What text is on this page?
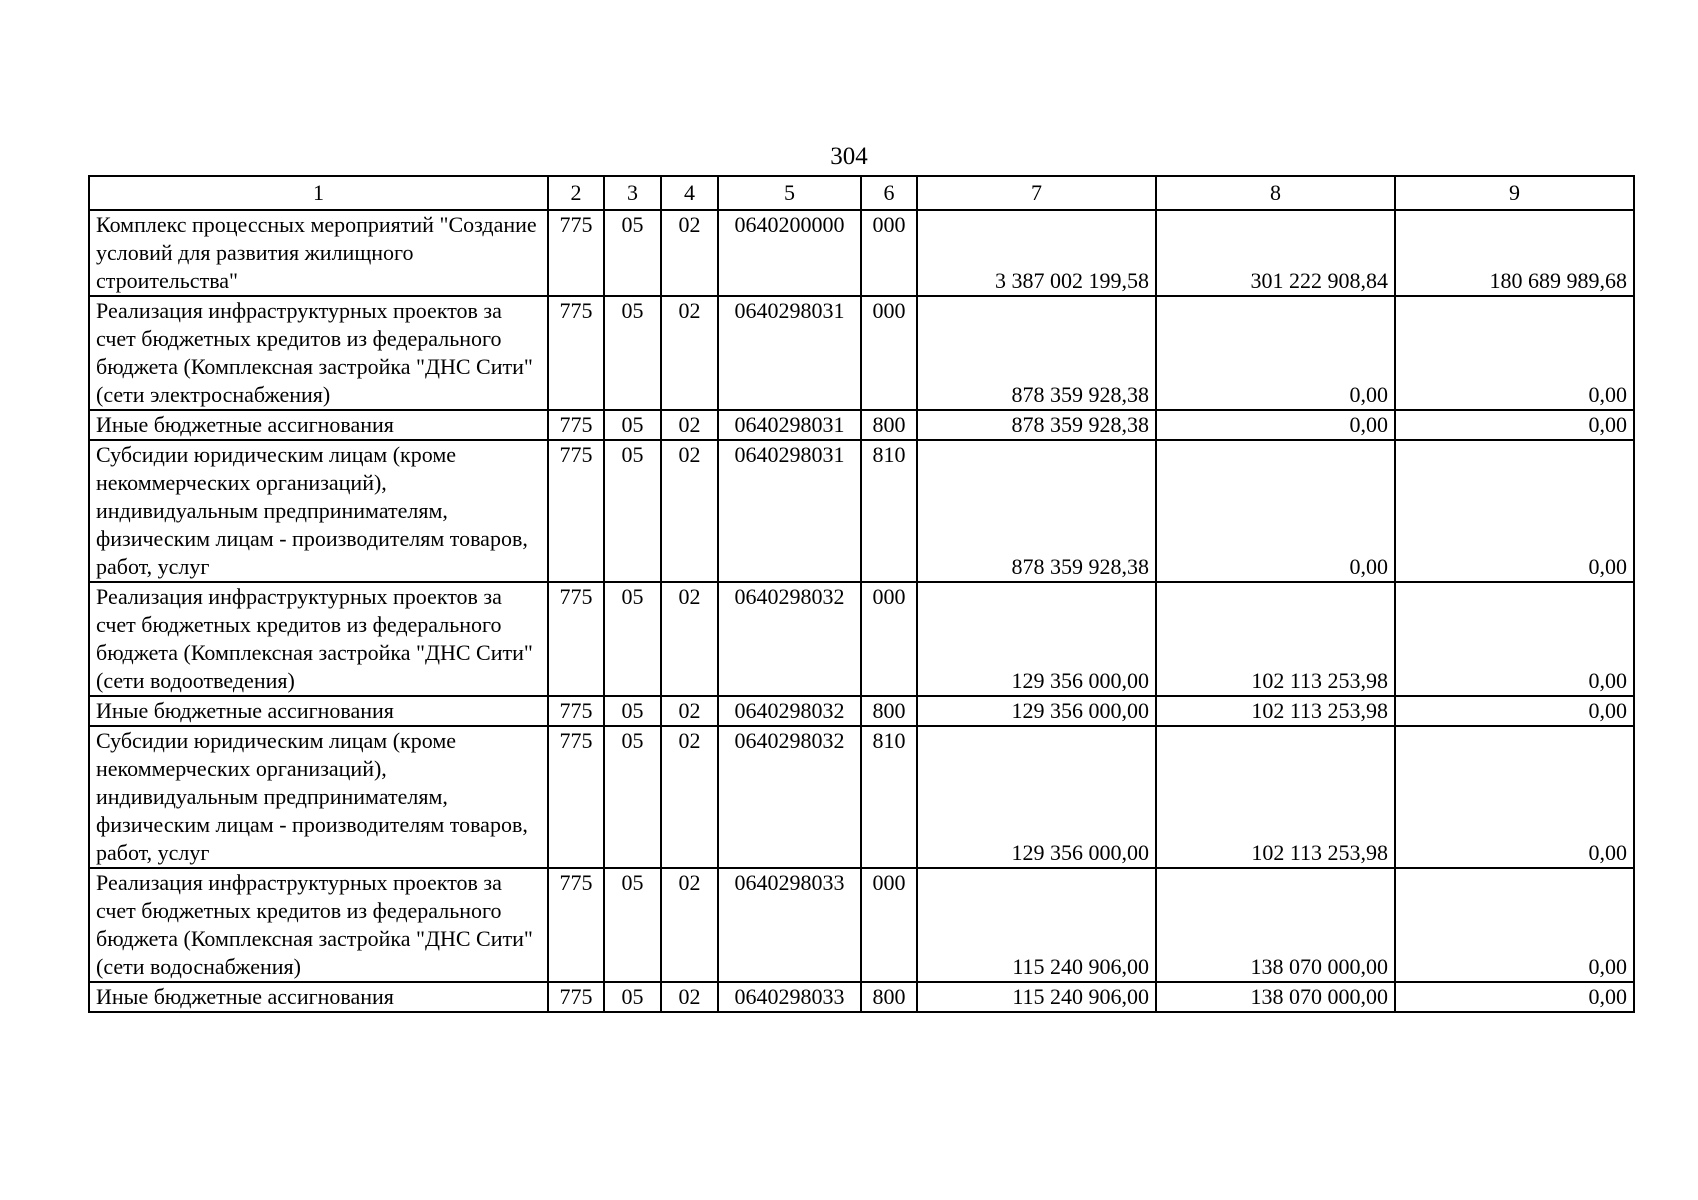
304
1	2	3	4	5	6	7	8	9
Комплекс процессных мероприятий "Создание условий для развития жилищного строительства"	775	05	02	0640200000	000	3 387 002 199,58	301 222 908,84	180 689 989,68
Реализация инфраструктурных проектов за счет бюджетных кредитов из федерального бюджета (Комплексная застройка "ДНС Сити" (сети электроснабжения)	775	05	02	0640298031	000	878 359 928,38	0,00	0,00
Иные бюджетные ассигнования	775	05	02	0640298031	800	878 359 928,38	0,00	0,00
Субсидии юридическим лицам (кроме некоммерческих организаций), индивидуальным предпринимателям, физическим лицам - производителям товаров, работ, услуг	775	05	02	0640298031	810	878 359 928,38	0,00	0,00
Реализация инфраструктурных проектов за счет бюджетных кредитов из федерального бюджета (Комплексная застройка "ДНС Сити" (сети водоотведения)	775	05	02	0640298032	000	129 356 000,00	102 113 253,98	0,00
Иные бюджетные ассигнования	775	05	02	0640298032	800	129 356 000,00	102 113 253,98	0,00
Субсидии юридическим лицам (кроме некоммерческих организаций), индивидуальным предпринимателям, физическим лицам - производителям товаров, работ, услуг	775	05	02	0640298032	810	129 356 000,00	102 113 253,98	0,00
Реализация инфраструктурных проектов за счет бюджетных кредитов из федерального бюджета (Комплексная застройка "ДНС Сити" (сети водоснабжения)	775	05	02	0640298033	000	115 240 906,00	138 070 000,00	0,00
Иные бюджетные ассигнования	775	05	02	0640298033	800	115 240 906,00	138 070 000,00	0,00
